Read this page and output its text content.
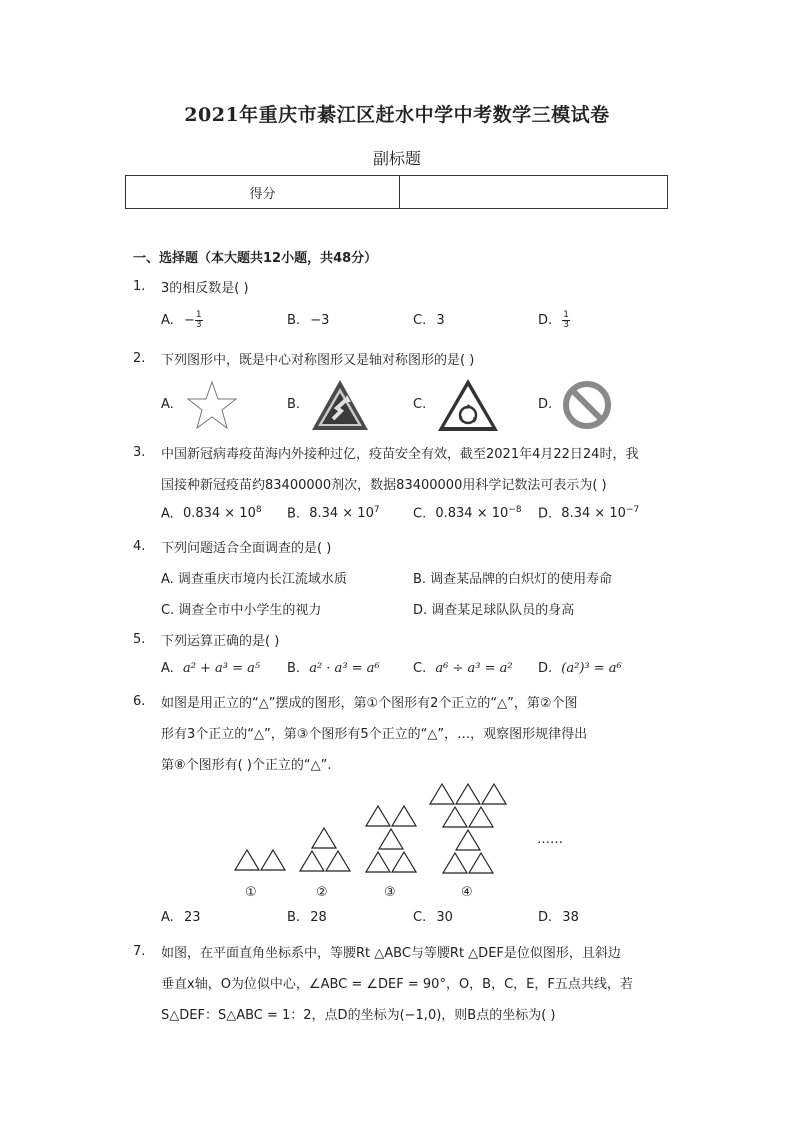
2021年重庆市綦江区赶水中学中考数学三模试卷
副标题
得分	
一、选择题（本大题共12小题，共48分）
1. 3的相反数是( )
A. − $\frac{1}{3}$	B. −3	C. 3	D. $\frac{1}{3}$
2. 下列图形中，既是中心对称图形又是轴对称图形的是( )
A.	B.	C.	D.
3. 中国新冠病毒疫苗海内外接种过亿，疫苗安全有效，截至2021年4月22日24时，我
国接种新冠疫苗约83400000剂次，数据83400000用科学记数法可表示为( )
A. $0.834 \times 10^8$ B. $8.34 \times 10^7$	C. $0.834 \times 10^{-8}$ D. $8.34 \times 10^{-7}$
4. 下列问题适合全面调查的是( )
A. 调查重庆市境内长江流域水质	B. 调查某品牌的白炽灯的使用寿命
C. 调查全市中小学生的视力	D. 调查某足球队队员的身高
5. 下列运算正确的是( )
A. a² + a³ = a⁵ B. a² · a³ = a⁶	C. a⁶ ÷ a³ = a² D. (a²)³ = a⁶
6. 如图是用正立的“△”摆成的图形，第①个图形有2个正立的“△”，第②个图
形有3个正立的“△”，第③个图形有5个正立的“△”，…，观察图形规律得出
第⑧个图形有( )个正立的“△”.
①	②	③	④
……
A. 23	B. 28	C. 30	D. 38
7. 如图，在平面直角坐标系中，等腰Rt △ABC与等腰Rt △DEF是位似图形，且斜边
垂直x轴，O为位似中心，∠ABC = ∠DEF = 90°，O，B，C，E，F五点共线，若
S△DEF：S△ABC = 1：2，点D的坐标为(−1,0)，则B点的坐标为( )
